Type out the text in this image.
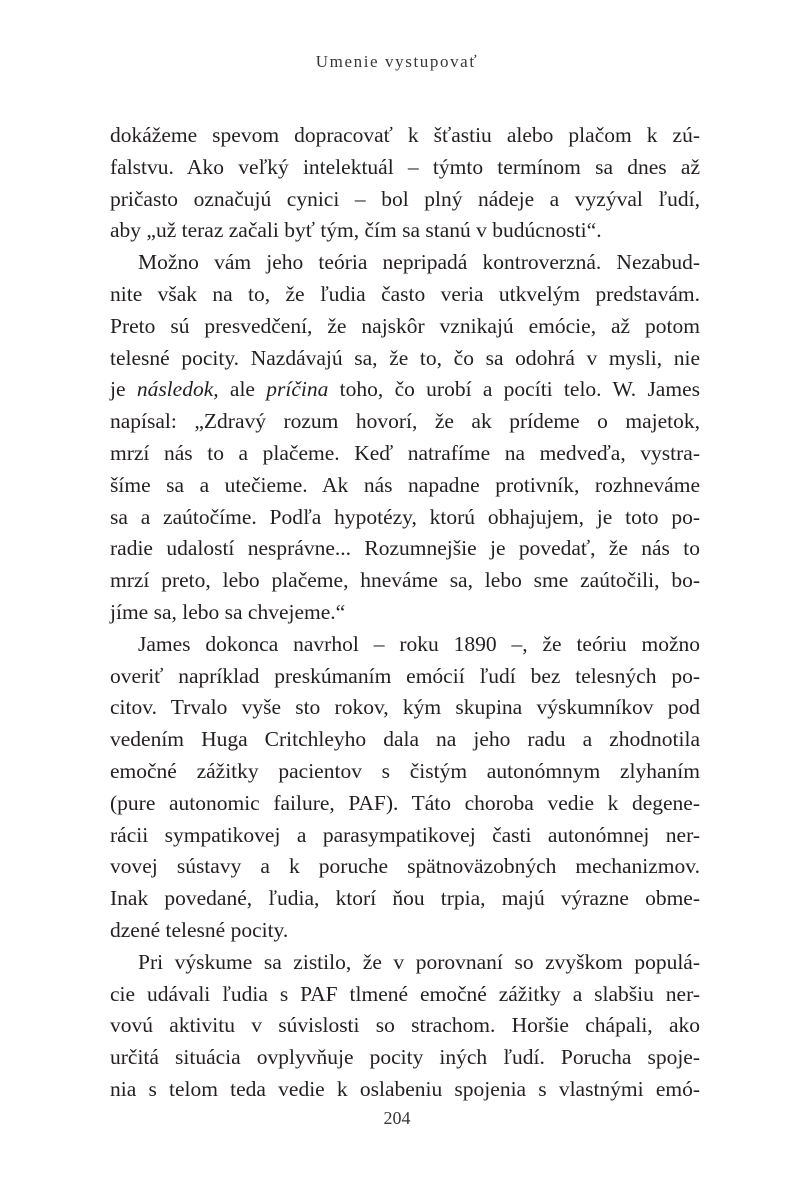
Umenie vystupovať
dokážeme spevom dopracovať k šťastiu alebo plačom k zú-
falstvu. Ako veľký intelektuál – týmto termínom sa dnes až
pričasto označujú cynici – bol plný nádeje a vyzýval ľudí,
aby „už teraz začali byť tým, čím sa stanú v budúcnosti“.
Možno vám jeho teória nepripadá kontroverzná. Nezabud-
nite však na to, že ľudia často veria utkvelým predstavám.
Preto sú presvedčení, že najskôr vznikajú emócie, až potom
telesné pocity. Nazdávajú sa, že to, čo sa odohrá v mysli, nie
je následok, ale príčina toho, čo urobí a pocíti telo. W. James
napísal: „Zdravý rozum hovorí, že ak prídeme o majetok,
mrzí nás to a plačeme. Keď natrafíme na medveďa, vystra-
šíme sa a utečieme. Ak nás napadne protivník, rozhneváme
sa a zaútočíme. Podľa hypotézy, ktorú obhajujem, je toto po-
radie udalostí nesprávne... Rozumnejšie je povedať, že nás to
mrzí preto, lebo plačeme, hneváme sa, lebo sme zaútočili, bo-
jíme sa, lebo sa chvejeme.“
James dokonca navrhol – roku 1890 –, že teóriu možno
overiť napríklad preskúmaním emócií ľudí bez telesných po-
citov. Trvalo vyše sto rokov, kým skupina výskumníkov pod
vedením Huga Critchleyho dala na jeho radu a zhodnotila
emočné zážitky pacientov s čistým autonómnym zlyhaním
(pure autonomic failure, PAF). Táto choroba vedie k degene-
rácii sympatikovej a parasympatikovej časti autonómnej ner-
vovej sústavy a k poruche spätnoväzobných mechanizmov.
Inak povedané, ľudia, ktorí ňou trpia, majú výrazne obme-
dzené telesné pocity.
Pri výskume sa zistilo, že v porovnaní so zvyškom populá-
cie udávali ľudia s PAF tlmené emočné zážitky a slabšiu ner-
vovú aktivitu v súvislosti so strachom. Horšie chápali, ako
určitá situácia ovplyvňuje pocity iných ľudí. Porucha spoje-
nia s telom teda vedie k oslabeniu spojenia s vlastnými emó-
204
